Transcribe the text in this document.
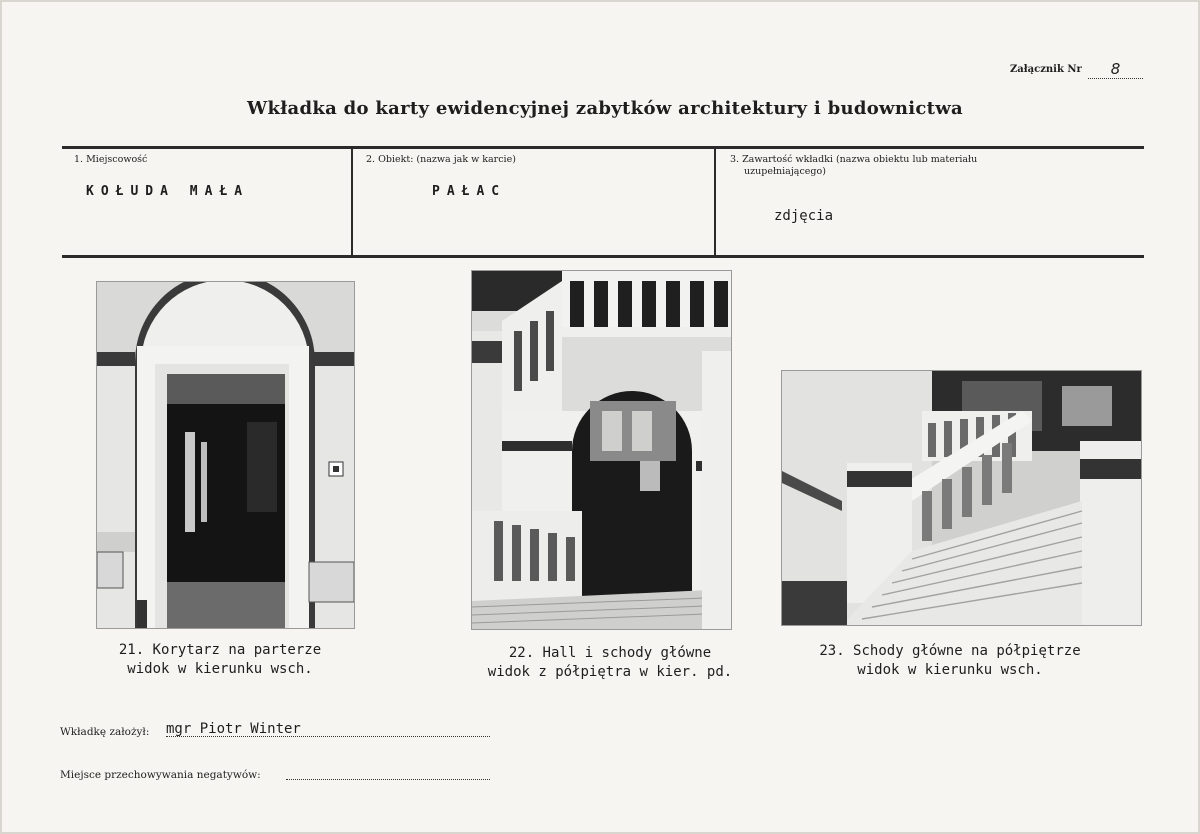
Załącznik Nr	8
Wkładka do karty ewidencyjnej zabytków architektury i budownictwa
1. Miejscowość
KOŁUDA MAŁA
2. Obiekt: (nazwa jak w karcie)
PAŁAC
3. Zawartość wkładki (nazwa obiektu lub materiału
uzupełniającego)
zdjęcia
21. Korytarz na parterze
widok w kierunku wsch.
22. Hall i schody główne
widok z półpiętra w kier. pd.
23. Schody główne na półpiętrze
widok w kierunku wsch.
Wkładkę założył: mgr Piotr Winter
Miejsce przechowywania negatywów:
